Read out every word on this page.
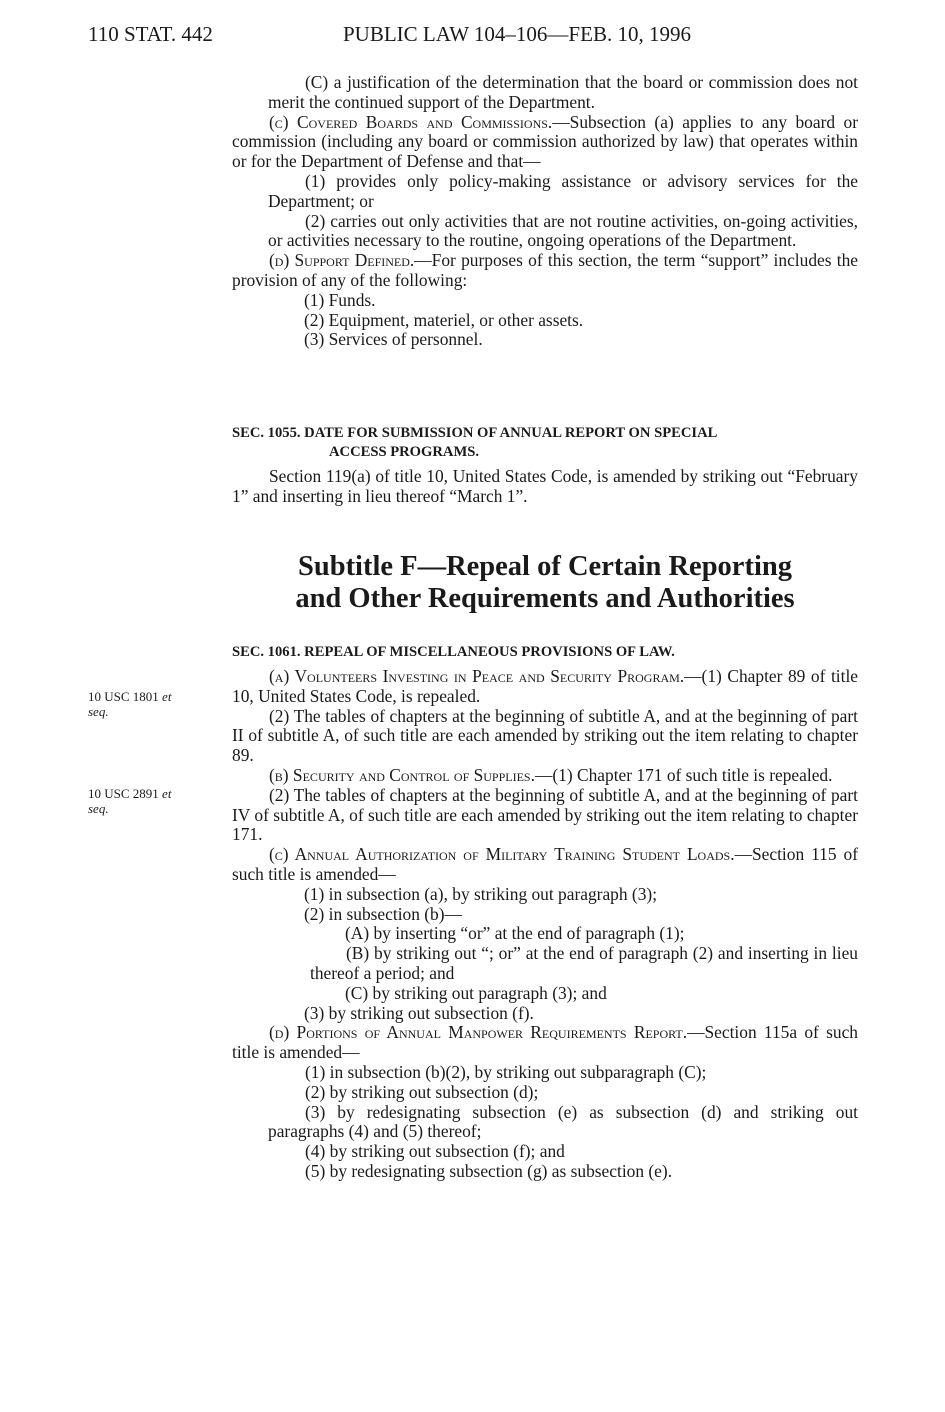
110 STAT. 442	PUBLIC LAW 104–106—FEB. 10, 1996

(C) a justification of the determination that the board or commission does not merit the continued support of the Department.

(c) Covered Boards and Commissions.—Subsection (a) applies to any board or commission (including any board or commission authorized by law) that operates within or for the Department of Defense and that—

(1) provides only policy-making assistance or advisory services for the Department; or

(2) carries out only activities that are not routine activities, on-going activities, or activities necessary to the routine, ongoing operations of the Department.

(d) Support Defined.—For purposes of this section, the term “support” includes the provision of any of the following:

(1) Funds.

(2) Equipment, materiel, or other assets.

(3) Services of personnel.

SEC. 1055. DATE FOR SUBMISSION OF ANNUAL REPORT ON SPECIAL
ACCESS PROGRAMS.

Section 119(a) of title 10, United States Code, is amended by striking out “February 1” and inserting in lieu thereof “March 1”.

Subtitle F—Repeal of Certain Reporting
and Other Requirements and Authorities

SEC. 1061. REPEAL OF MISCELLANEOUS PROVISIONS OF LAW.

(a) Volunteers Investing in Peace and Security Program.—(1) Chapter 89 of title 10, United States Code, is repealed.

(2) The tables of chapters at the beginning of subtitle A, and at the beginning of part II of subtitle A, of such title are each amended by striking out the item relating to chapter 89.

(b) Security and Control of Supplies.—(1) Chapter 171 of such title is repealed.

(2) The tables of chapters at the beginning of subtitle A, and at the beginning of part IV of subtitle A, of such title are each amended by striking out the item relating to chapter 171.

(c) Annual Authorization of Military Training Student Loads.—Section 115 of such title is amended—

(1) in subsection (a), by striking out paragraph (3);

(2) in subsection (b)—

(A) by inserting “or” at the end of paragraph (1);

(B) by striking out “; or” at the end of paragraph (2) and inserting in lieu thereof a period; and

(C) by striking out paragraph (3); and

(3) by striking out subsection (f).

(d) Portions of Annual Manpower Requirements Report.—Section 115a of such title is amended—

(1) in subsection (b)(2), by striking out subparagraph (C);

(2) by striking out subsection (d);

(3) by redesignating subsection (e) as subsection (d) and striking out paragraphs (4) and (5) thereof;

(4) by striking out subsection (f); and

(5) by redesignating subsection (g) as subsection (e).

10 USC 1801 et
seq.
10 USC 2891 et
seq.
